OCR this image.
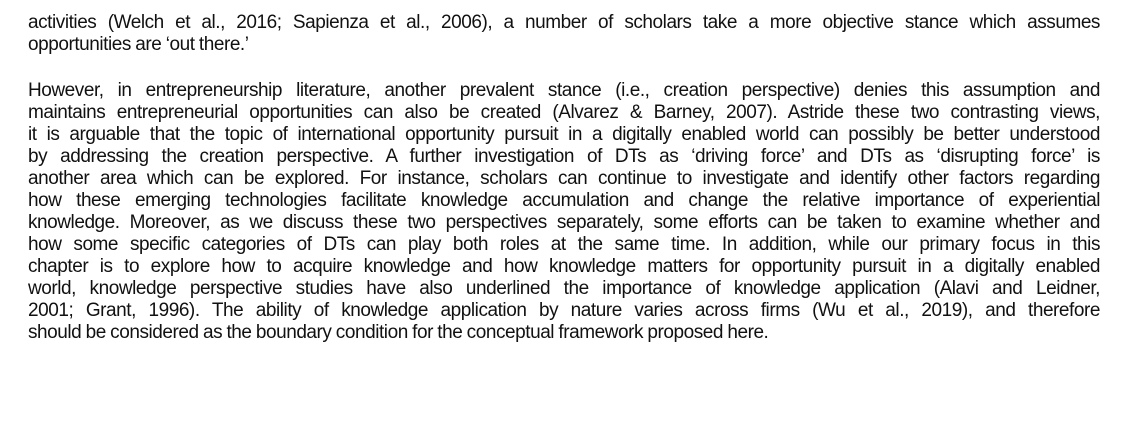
activities (Welch et al., 2016; Sapienza et al., 2006), a number of scholars take a more objective stance which assumes
opportunities are ‘out there.’

However, in entrepreneurship literature, another prevalent stance (i.e., creation perspective) denies this assumption and
maintains entrepreneurial opportunities can also be created (Alvarez & Barney, 2007). Astride these two contrasting views,
it is arguable that the topic of international opportunity pursuit in a digitally enabled world can possibly be better understood
by addressing the creation perspective. A further investigation of DTs as ‘driving force’ and DTs as ‘disrupting force’ is
another area which can be explored. For instance, scholars can continue to investigate and identify other factors regarding
how these emerging technologies facilitate knowledge accumulation and change the relative importance of experiential
knowledge. Moreover, as we discuss these two perspectives separately, some efforts can be taken to examine whether and
how some specific categories of DTs can play both roles at the same time. In addition, while our primary focus in this
chapter is to explore how to acquire knowledge and how knowledge matters for opportunity pursuit in a digitally enabled
world, knowledge perspective studies have also underlined the importance of knowledge application (Alavi and Leidner,
2001; Grant, 1996). The ability of knowledge application by nature varies across firms (Wu et al., 2019), and therefore
should be considered as the boundary condition for the conceptual framework proposed here.
